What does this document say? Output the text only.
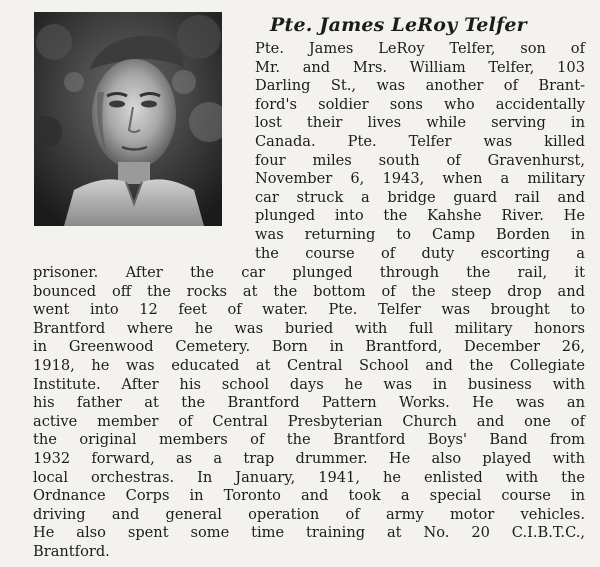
Pte. James LeRoy Telfer
Pte. James LeRoy Telfer, son of
Mr. and Mrs. William Telfer, 103
Darling St., was another of Brant-
ford's soldier sons who accidentally
lost their lives while serving in
Canada. Pte. Telfer was killed
four miles south of Gravenhurst,
November 6, 1943, when a military
car struck a bridge guard rail and
plunged into the Kahshe River. He
was returning to Camp Borden in
the course of duty escorting a
prisoner. After the car plunged through the rail, it
bounced off the rocks at the bottom of the steep drop and
went into 12 feet of water. Pte. Telfer was brought to
Brantford where he was buried with full military honors
in Greenwood Cemetery. Born in Brantford, December 26,
1918, he was educated at Central School and the Collegiate
Institute. After his school days he was in business with
his father at the Brantford Pattern Works. He was an
active member of Central Presbyterian Church and one of
the original members of the Brantford Boys' Band from
1932 forward, as a trap drummer. He also played with
local orchestras. In January, 1941, he enlisted with the
Ordnance Corps in Toronto and took a special course in
driving and general operation of army motor vehicles.
He also spent some time training at No. 20 C.I.B.T.C.,
Brantford.
